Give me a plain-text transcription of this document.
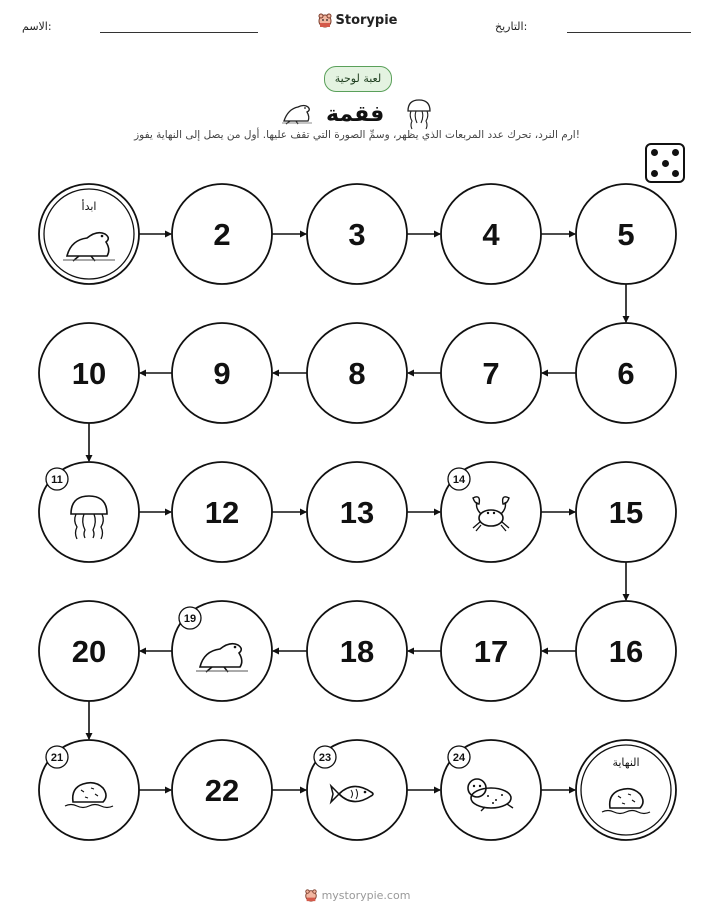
الاسم:	Storypie	التاريخ:
لعبة لوحية
فقمة
ارم النرد، تحرك عدد المربعات الذي يظهر، وسمِّ الصورة التي تقف عليها. أول من يصل إلى النهاية يفوز!
ابدأ
2	3	4	5
6
7
8
9
10
11
12	13
14
15
16
17
18
19
20
21
22
23	24	النهاية
mystorypie.com
